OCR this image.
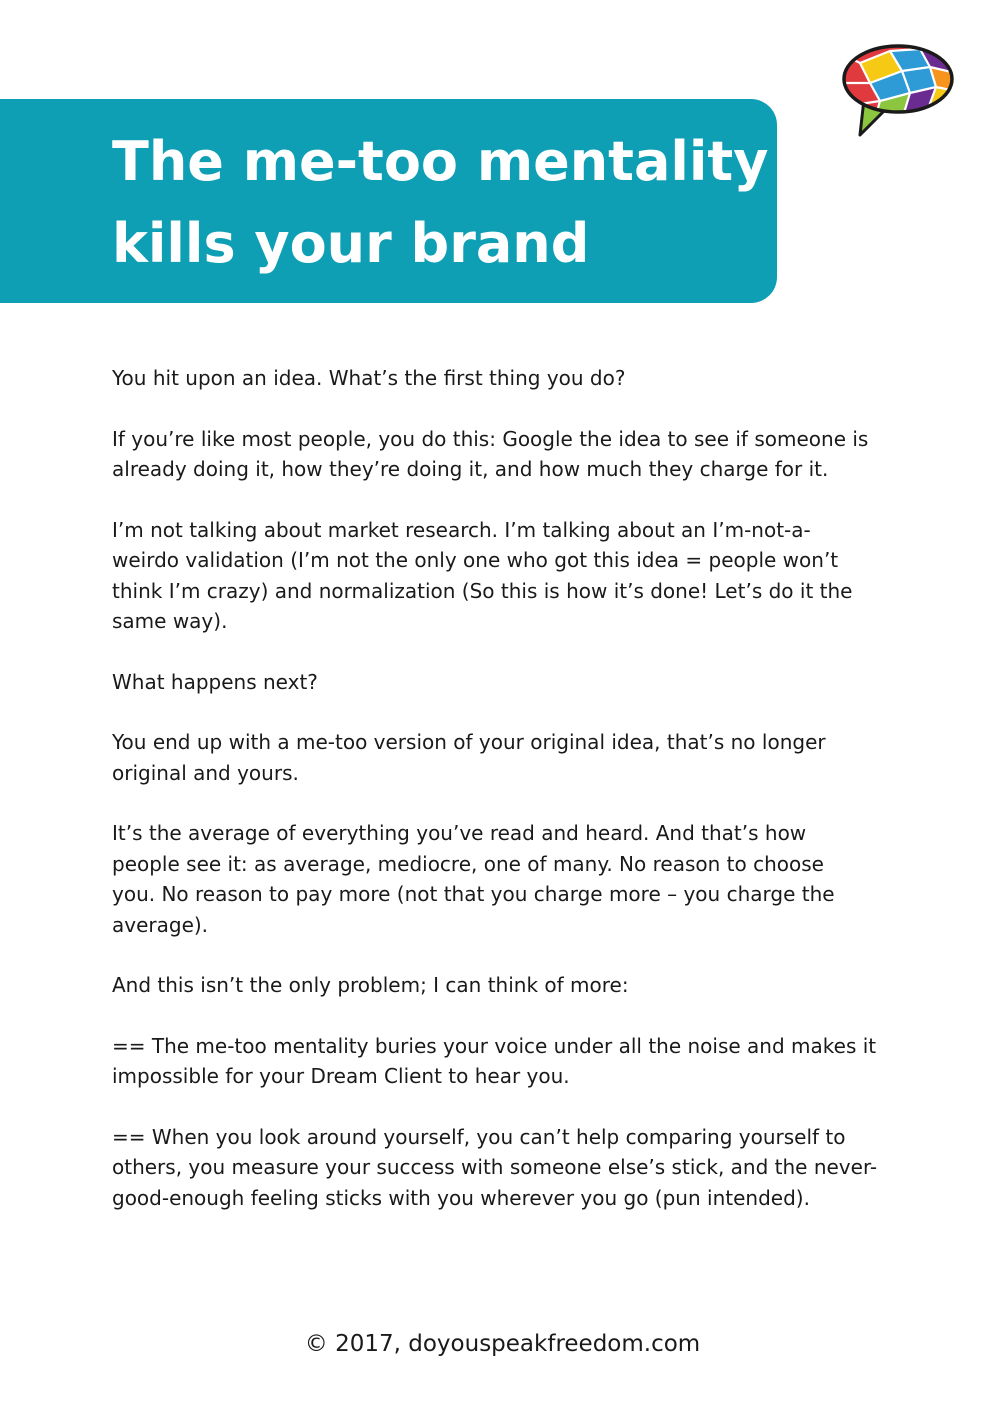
The me-too mentality
kills your brand

You hit upon an idea. What’s the first thing you do?

If you’re like most people, you do this: Google the idea to see if someone is
already doing it, how they’re doing it, and how much they charge for it.

I’m not talking about market research. I’m talking about an I’m-not-a-
weirdo validation (I’m not the only one who got this idea = people won’t
think I’m crazy) and normalization (So this is how it’s done! Let’s do it the
same way).

What happens next?

You end up with a me-too version of your original idea, that’s no longer
original and yours.

It’s the average of everything you’ve read and heard. And that’s how
people see it: as average, mediocre, one of many. No reason to choose
you. No reason to pay more (not that you charge more – you charge the
average).

And this isn’t the only problem; I can think of more:

== The me-too mentality buries your voice under all the noise and makes it
impossible for your Dream Client to hear you.

== When you look around yourself, you can’t help comparing yourself to
others, you measure your success with someone else’s stick, and the never-
good-enough feeling sticks with you wherever you go (pun intended).

© 2017, doyouspeakfreedom.com
